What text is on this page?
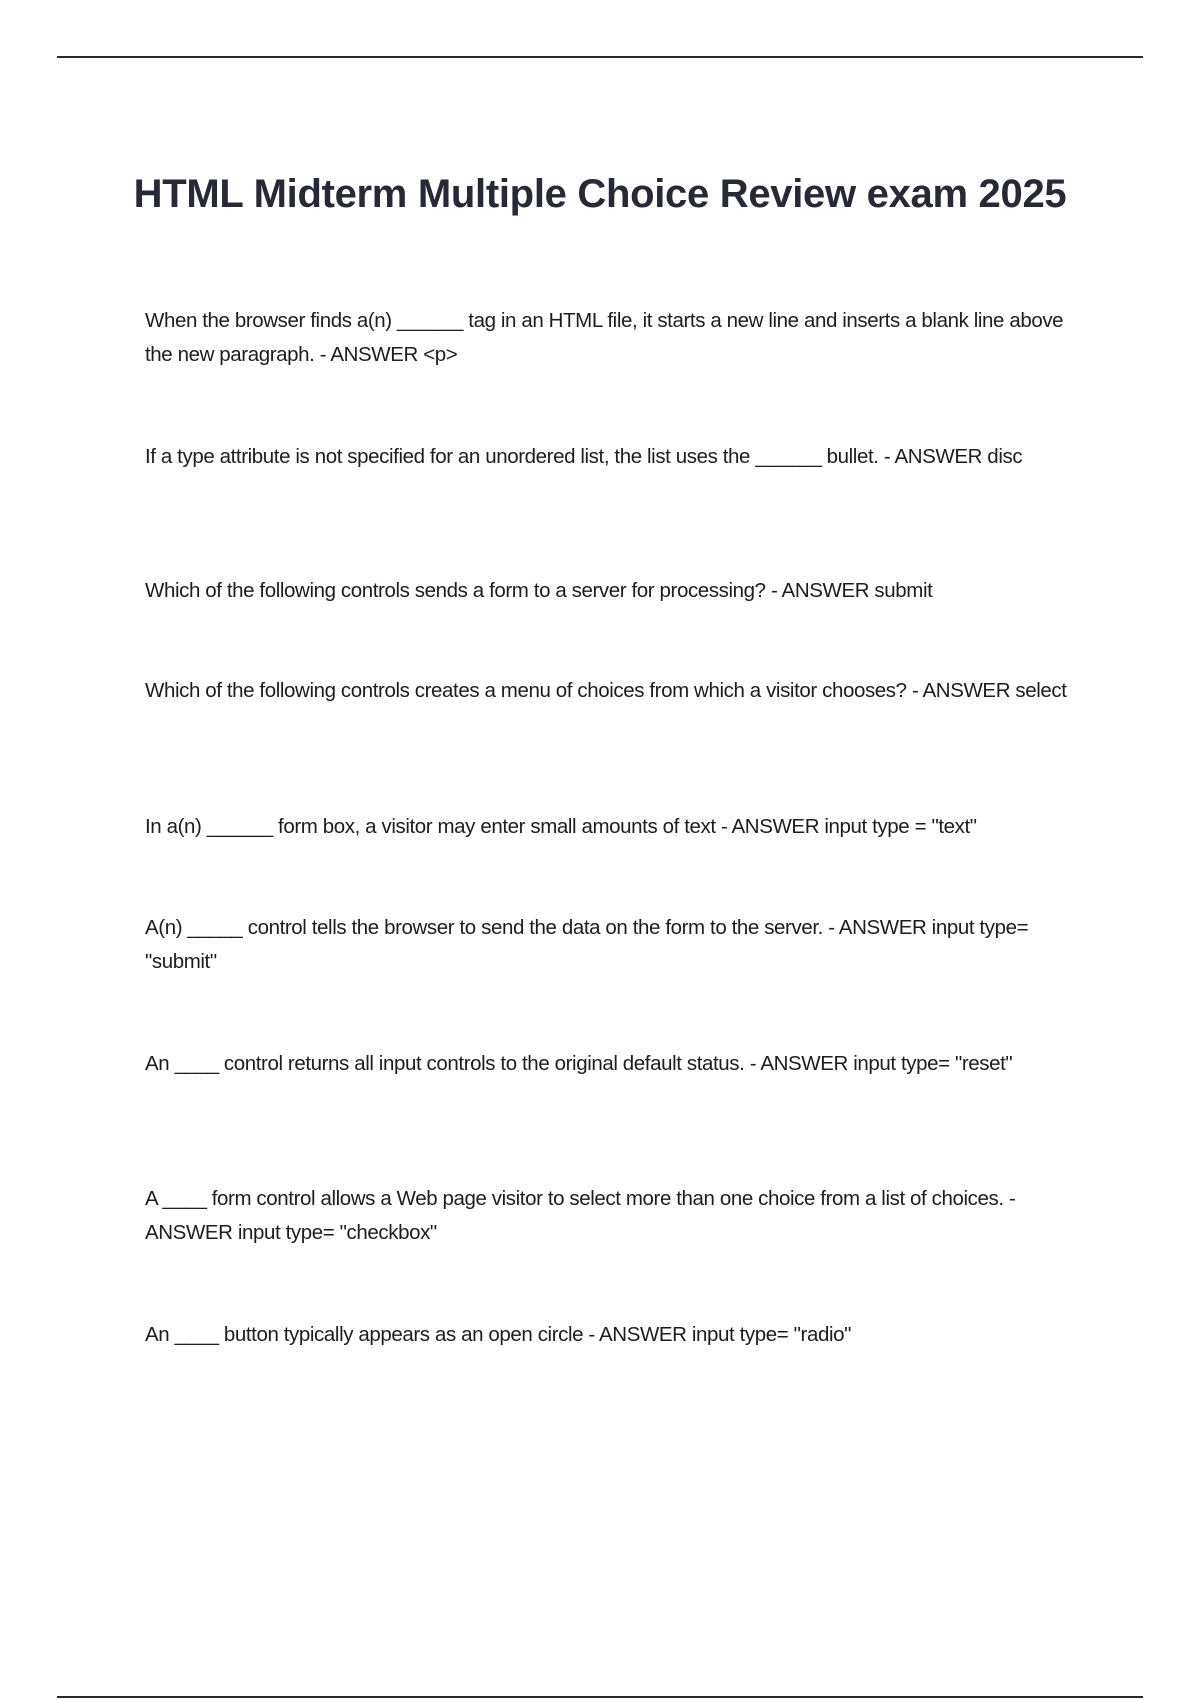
HTML Midterm Multiple Choice Review exam 2025

When the browser finds a(n) ______ tag in an HTML file, it starts a new line and inserts a blank line above the new paragraph. - ANSWER <p>

If a type attribute is not specified for an unordered list, the list uses the ______ bullet. - ANSWER disc

Which of the following controls sends a form to a server for processing? - ANSWER submit

Which of the following controls creates a menu of choices from which a visitor chooses? - ANSWER select

In a(n) ______ form box, a visitor may enter small amounts of text - ANSWER input type = "text"

A(n) _____ control tells the browser to send the data on the form to the server. - ANSWER input type= "submit"

An ____ control returns all input controls to the original default status. - ANSWER input type= "reset"

A ____ form control allows a Web page visitor to select more than one choice from a list of choices. - ANSWER input type= "checkbox"

An ____ button typically appears as an open circle - ANSWER input type= "radio"
